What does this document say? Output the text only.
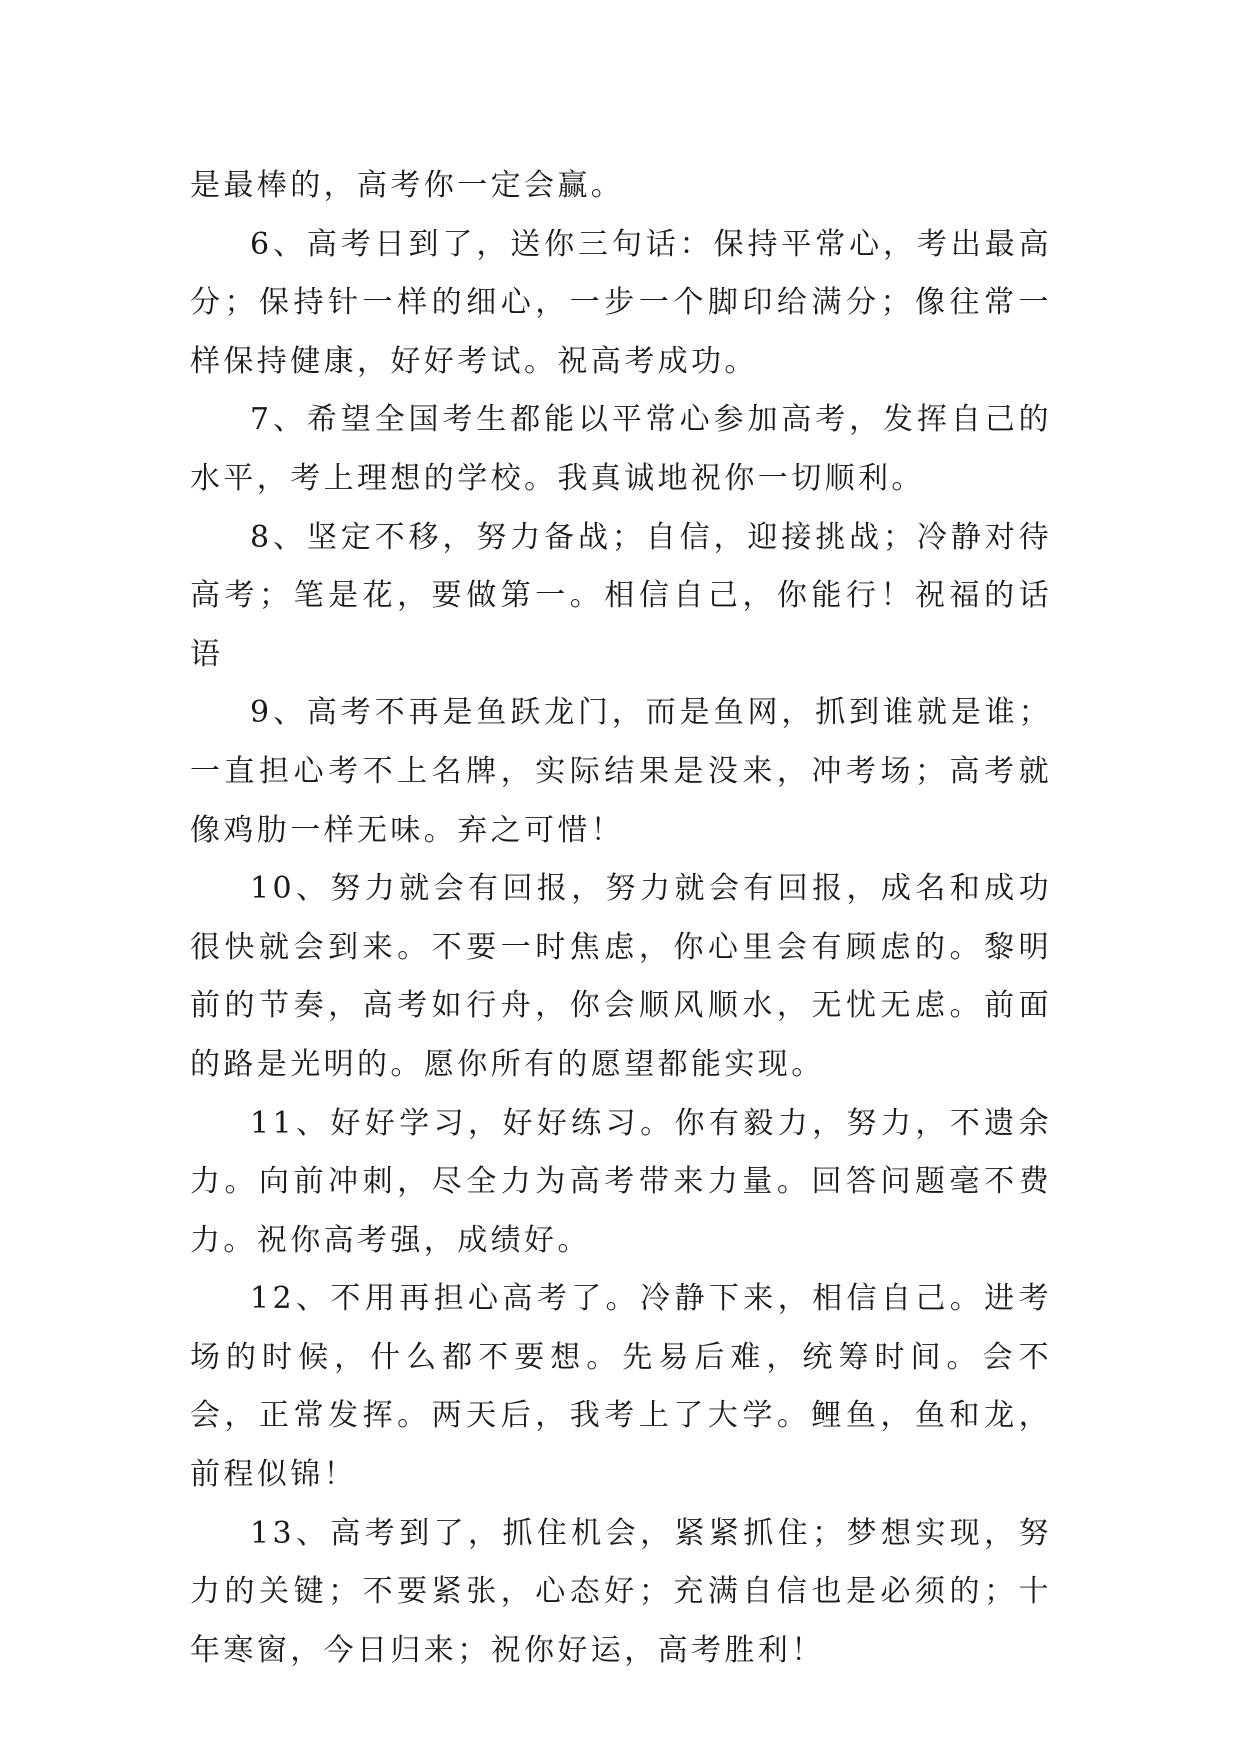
是最棒的，高考你一定会赢。

6、高考日到了，送你三句话：保持平常心，考出最高分；保持针一样的细心，一步一个脚印给满分；像往常一样保持健康，好好考试。祝高考成功。

7、希望全国考生都能以平常心参加高考，发挥自己的水平，考上理想的学校。我真诚地祝你一切顺利。

8、坚定不移，努力备战；自信，迎接挑战；冷静对待高考；笔是花，要做第一。相信自己，你能行！祝福的话语

9、高考不再是鱼跃龙门，而是鱼网，抓到谁就是谁；一直担心考不上名牌，实际结果是没来，冲考场；高考就像鸡肋一样无味。弃之可惜！

10、努力就会有回报，努力就会有回报，成名和成功很快就会到来。不要一时焦虑，你心里会有顾虑的。黎明前的节奏，高考如行舟，你会顺风顺水，无忧无虑。前面的路是光明的。愿你所有的愿望都能实现。

11、好好学习，好好练习。你有毅力，努力，不遗余力。向前冲刺，尽全力为高考带来力量。回答问题毫不费力。祝你高考强，成绩好。

12、不用再担心高考了。冷静下来，相信自己。进考场的时候，什么都不要想。先易后难，统筹时间。会不会，正常发挥。两天后，我考上了大学。鲤鱼，鱼和龙，前程似锦！

13、高考到了，抓住机会，紧紧抓住；梦想实现，努力的关键；不要紧张，心态好；充满自信也是必须的；十年寒窗，今日归来；祝你好运，高考胜利！
